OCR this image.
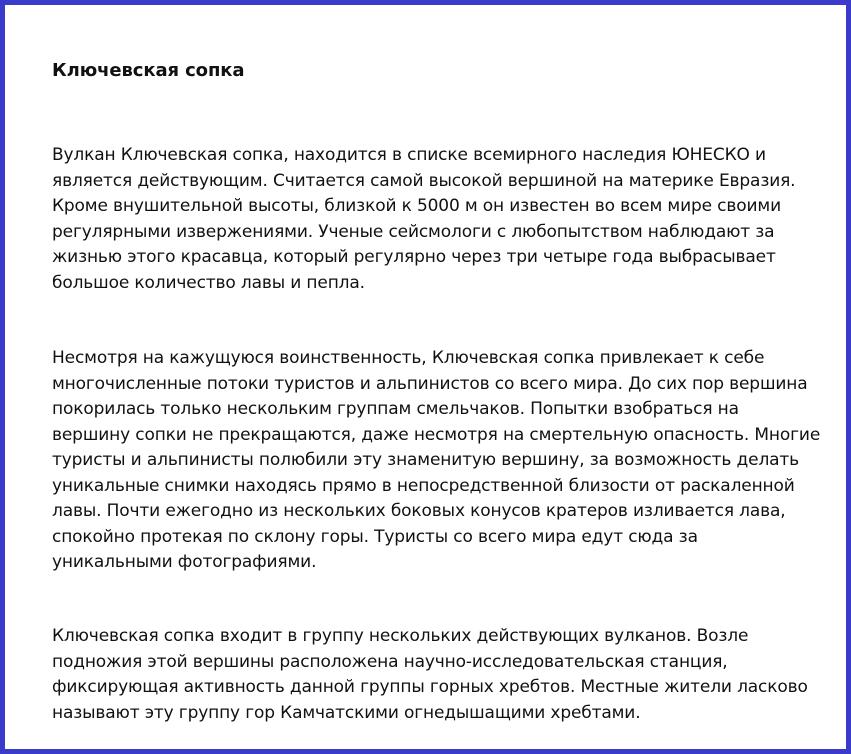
Ключевская сопка

Вулкан Ключевская сопка, находится в списке всемирного наследия ЮНЕСКО и является действующим. Считается самой высокой вершиной на материке Евразия. Кроме внушительной высоты, близкой к 5000 м он известен во всем мире своими регулярными извержениями. Ученые сейсмологи с любопытством наблюдают за жизнью этого красавца, который регулярно через три четыре года выбрасывает большое количество лавы и пепла.

Несмотря на кажущуюся воинственность, Ключевская сопка привлекает к себе многочисленные потоки туристов и альпинистов со всего мира. До сих пор вершина покорилась только нескольким группам смельчаков. Попытки взобраться на вершину сопки не прекращаются, даже несмотря на смертельную опасность. Многие туристы и альпинисты полюбили эту знаменитую вершину, за возможность делать уникальные снимки находясь прямо в непосредственной близости от раскаленной лавы. Почти ежегодно из нескольких боковых конусов кратеров изливается лава, спокойно протекая по склону горы. Туристы со всего мира едут сюда за уникальными фотографиями.

Ключевская сопка входит в группу нескольких действующих вулканов. Возле подножия этой вершины расположена научно-исследовательская станция, фиксирующая активность данной группы горных хребтов. Местные жители ласково называют эту группу гор Камчатскими огнедышащими хребтами.
